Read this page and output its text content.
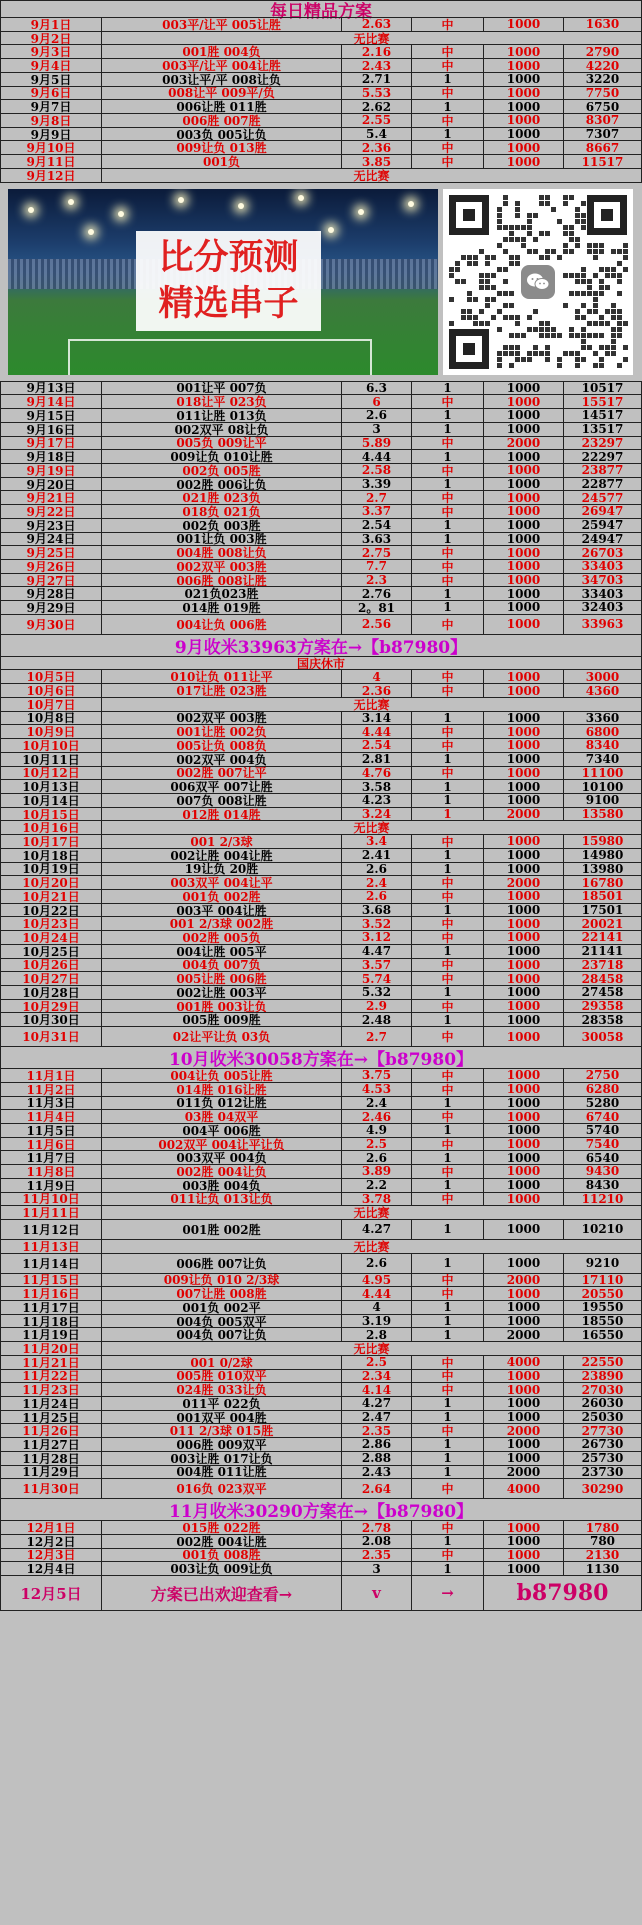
每日精品方案
9月1日	003平/让平 005让胜	2.63	中	1000	1630
9月2日	无比赛
9月3日	001胜 004负	2.16	中	1000	2790
9月4日	003平/让平 004让胜	2.43	中	1000	4220
9月5日	003让平/平 008让负	2.71	1	1000	3220
9月6日	008让平 009平/负	5.53	中	1000	7750
9月7日	006让胜 011胜	2.62	1	1000	6750
9月8日	006胜 007胜	2.55	中	1000	8307
9月9日	003负 005让负	5.4	1	1000	7307
9月10日	009让负 013胜	2.36	中	1000	8667
9月11日	001负	3.85	中	1000	11517
9月12日	无比赛
比分预测
精选串子
9月13日	001让平 007负	6.3	1	1000	10517
9月14日	018让平 023负	6	中	1000	15517
9月15日	011让胜 013负	2.6	1	1000	14517
9月16日	002双平 08让负	3	1	1000	13517
9月17日	005负 009让平	5.89	中	2000	23297
9月18日	009让负 010让胜	4.44	1	1000	22297
9月19日	002负 005胜	2.58	中	1000	23877
9月20日	002胜 006让负	3.39	1	1000	22877
9月21日	021胜 023负	2.7	中	1000	24577
9月22日	018负 021负	3.37	中	1000	26947
9月23日	002负 003胜	2.54	1	1000	25947
9月24日	001让负 003胜	3.63	1	1000	24947
9月25日	004胜 008让负	2.75	中	1000	26703
9月26日	002双平 003胜	7.7	中	1000	33403
9月27日	006胜 008让胜	2.3	中	1000	34703
9月28日	021负023胜	2.76	1	1000	33403
9月29日	014胜 019胜	2。81	1	1000	32403
9月30日	004让负 006胜	2.56	中	1000	33963
9月收米33963方案在→【b87980】
国庆休市
10月5日	010让负 011让平	4	中	1000	3000
10月6日	017让胜 023胜	2.36	中	1000	4360
10月7日	无比赛
10月8日	002双平 003胜	3.14	1	1000	3360
10月9日	001让胜 002负	4.44	中	1000	6800
10月10日	005让负 008负	2.54	中	1000	8340
10月11日	002双平 004负	2.81	1	1000	7340
10月12日	002胜 007让平	4.76	中	1000	11100
10月13日	006双平 007让胜	3.58	1	1000	10100
10月14日	007负 008让胜	4.23	1	1000	9100
10月15日	012胜 014胜	3.24	1	2000	13580
10月16日	无比赛
10月17日	001 2/3球	3.4	中	1000	15980
10月18日	002让胜 004让胜	2.41	1	1000	14980
10月19日	19让负 20胜	2.6	1	1000	13980
10月20日	003双平 004让平	2.4	中	2000	16780
10月21日	001负 002胜	2.6	中	1000	18501
10月22日	003平 004让胜	3.68	1	1000	17501
10月23日	001 2/3球 002胜	3.52	中	1000	20021
10月24日	002胜 005负	3.12	中	1000	22141
10月25日	004让胜 005平	4.47	1	1000	21141
10月26日	004负 007负	3.57	中	1000	23718
10月27日	005让胜 006胜	5.74	中	1000	28458
10月28日	002让胜 003平	5.32	1	1000	27458
10月29日	001胜 003让负	2.9	中	1000	29358
10月30日	005胜 009胜	2.48	1	1000	28358
10月31日	02让平让负 03负	2.7	中	1000	30058
10月收米30058方案在→【b87980】
11月1日	004让负 005让胜	3.75	中	1000	2750
11月2日	014胜 016让胜	4.53	中	1000	6280
11月3日	011负 012让胜	2.4	1	1000	5280
11月4日	03胜 04双平	2.46	中	1000	6740
11月5日	004平 006胜	4.9	1	1000	5740
11月6日	002双平 004让平让负	2.5	中	1000	7540
11月7日	003双平 004负	2.6	1	1000	6540
11月8日	002胜 004让负	3.89	中	1000	9430
11月9日	003胜 004负	2.2	1	1000	8430
11月10日	011让负 013让负	3.78	中	1000	11210
11月11日	无比赛
11月12日	001胜 002胜	4.27	1	1000	10210
11月13日	无比赛
11月14日	006胜 007让负	2.6	1	1000	9210
11月15日	009让负 010 2/3球	4.95	中	2000	17110
11月16日	007让胜 008胜	4.44	中	1000	20550
11月17日	001负 002平	4	1	1000	19550
11月18日	004负 005双平	3.19	1	1000	18550
11月19日	004负 007让负	2.8	1	2000	16550
11月20日	无比赛
11月21日	001 0/2球	2.5	中	4000	22550
11月22日	005胜 010双平	2.34	中	1000	23890
11月23日	024胜 033让负	4.14	中	1000	27030
11月24日	011平 022负	4.27	1	1000	26030
11月25日	001双平 004胜	2.47	1	1000	25030
11月26日	011 2/3球 015胜	2.35	中	2000	27730
11月27日	006胜 009双平	2.86	1	1000	26730
11月28日	003让胜 017让负	2.88	1	1000	25730
11月29日	004胜 011让胜	2.43	1	2000	23730
11月30日	016负 023双平	2.64	中	4000	30290
11月收米30290方案在→【b87980】
12月1日	015胜 022胜	2.78	中	1000	1780
12月2日	002胜 004让胜	2.08	1	1000	780
12月3日	001负 008胜	2.35	中	1000	2130
12月4日	003让负 009让负	3	1	1000	1130
12月5日	方案已出欢迎查看→	v	→	b87980
